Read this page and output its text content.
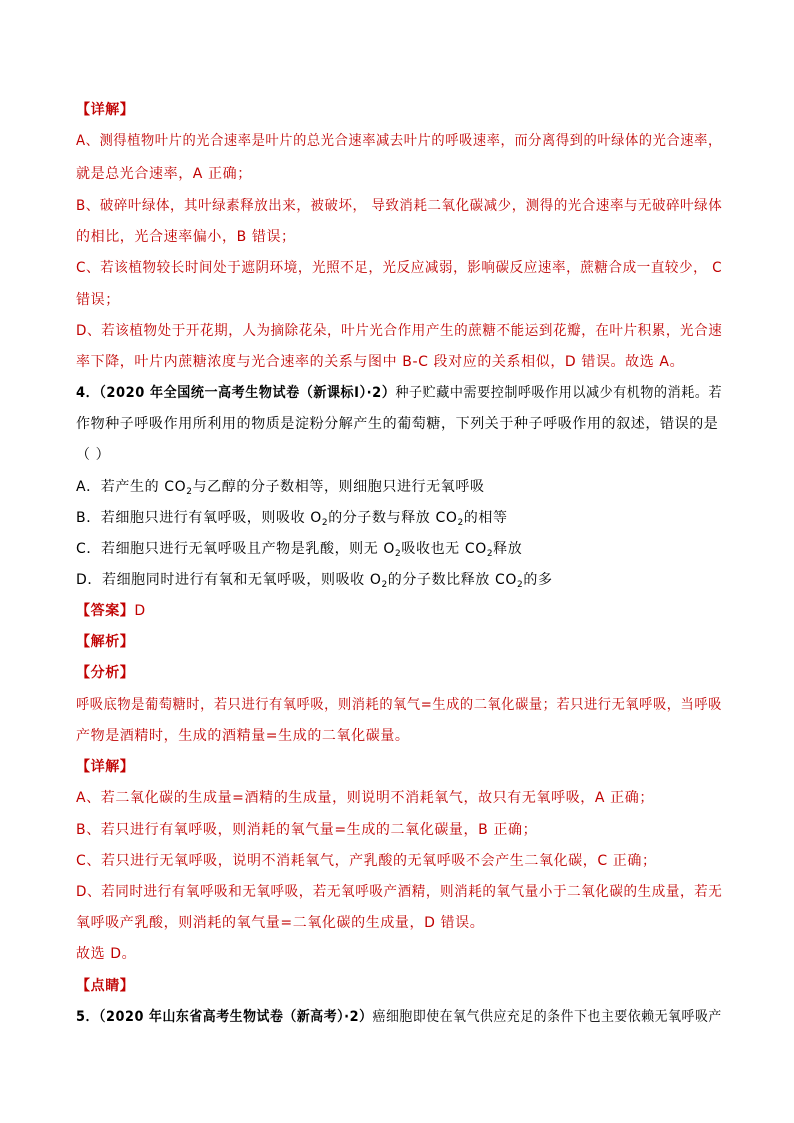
【详解】
A、测得植物叶片的光合速率是叶片的总光合速率减去叶片的呼吸速率，而分离得到的叶绿体的光合速率，
就是总光合速率，A 正确；
B、破碎叶绿体，其叶绿素释放出来，被破坏， 导致消耗二氧化碳减少，测得的光合速率与无破碎叶绿体
的相比，光合速率偏小，B 错误；
C、若该植物较长时间处于遮阴环境，光照不足，光反应减弱，影响碳反应速率，蔗糖合成一直较少， C
错误；
D、若该植物处于开花期，人为摘除花朵，叶片光合作用产生的蔗糖不能运到花瓣，在叶片积累，光合速
率下降，叶片内蔗糖浓度与光合速率的关系与图中 B-C 段对应的关系相似，D 错误。故选 A。
4．（2020 年全国统一高考生物试卷（新课标Ⅰ）·2）种子贮藏中需要控制呼吸作用以减少有机物的消耗。若
作物种子呼吸作用所利用的物质是淀粉分解产生的葡萄糖，下列关于种子呼吸作用的叙述，错误的是
（ ）
A．若产生的 $CO_2$与乙醇的分子数相等，则细胞只进行无氧呼吸
B．若细胞只进行有氧呼吸，则吸收 $O_2$的分子数与释放 $CO_2$的相等
C．若细胞只进行无氧呼吸且产物是乳酸，则无 $O_2$吸收也无 $CO_2$释放
D．若细胞同时进行有氧和无氧呼吸，则吸收 $O_2$的分子数比释放 $CO_2$的多
【答案】D
【解析】
【分析】
呼吸底物是葡萄糖时，若只进行有氧呼吸，则消耗的氧气=生成的二氧化碳量；若只进行无氧呼吸，当呼吸
产物是酒精时，生成的酒精量=生成的二氧化碳量。
【详解】
A、若二氧化碳的生成量=酒精的生成量，则说明不消耗氧气，故只有无氧呼吸，A 正确；
B、若只进行有氧呼吸，则消耗的氧气量=生成的二氧化碳量，B 正确；
C、若只进行无氧呼吸，说明不消耗氧气，产乳酸的无氧呼吸不会产生二氧化碳，C 正确；
D、若同时进行有氧呼吸和无氧呼吸，若无氧呼吸产酒精，则消耗的氧气量小于二氧化碳的生成量，若无
氧呼吸产乳酸，则消耗的氧气量=二氧化碳的生成量，D 错误。
故选 D。
【点睛】
5．（2020 年山东省高考生物试卷（新高考）·2）癌细胞即使在氧气供应充足的条件下也主要依赖无氧呼吸产
